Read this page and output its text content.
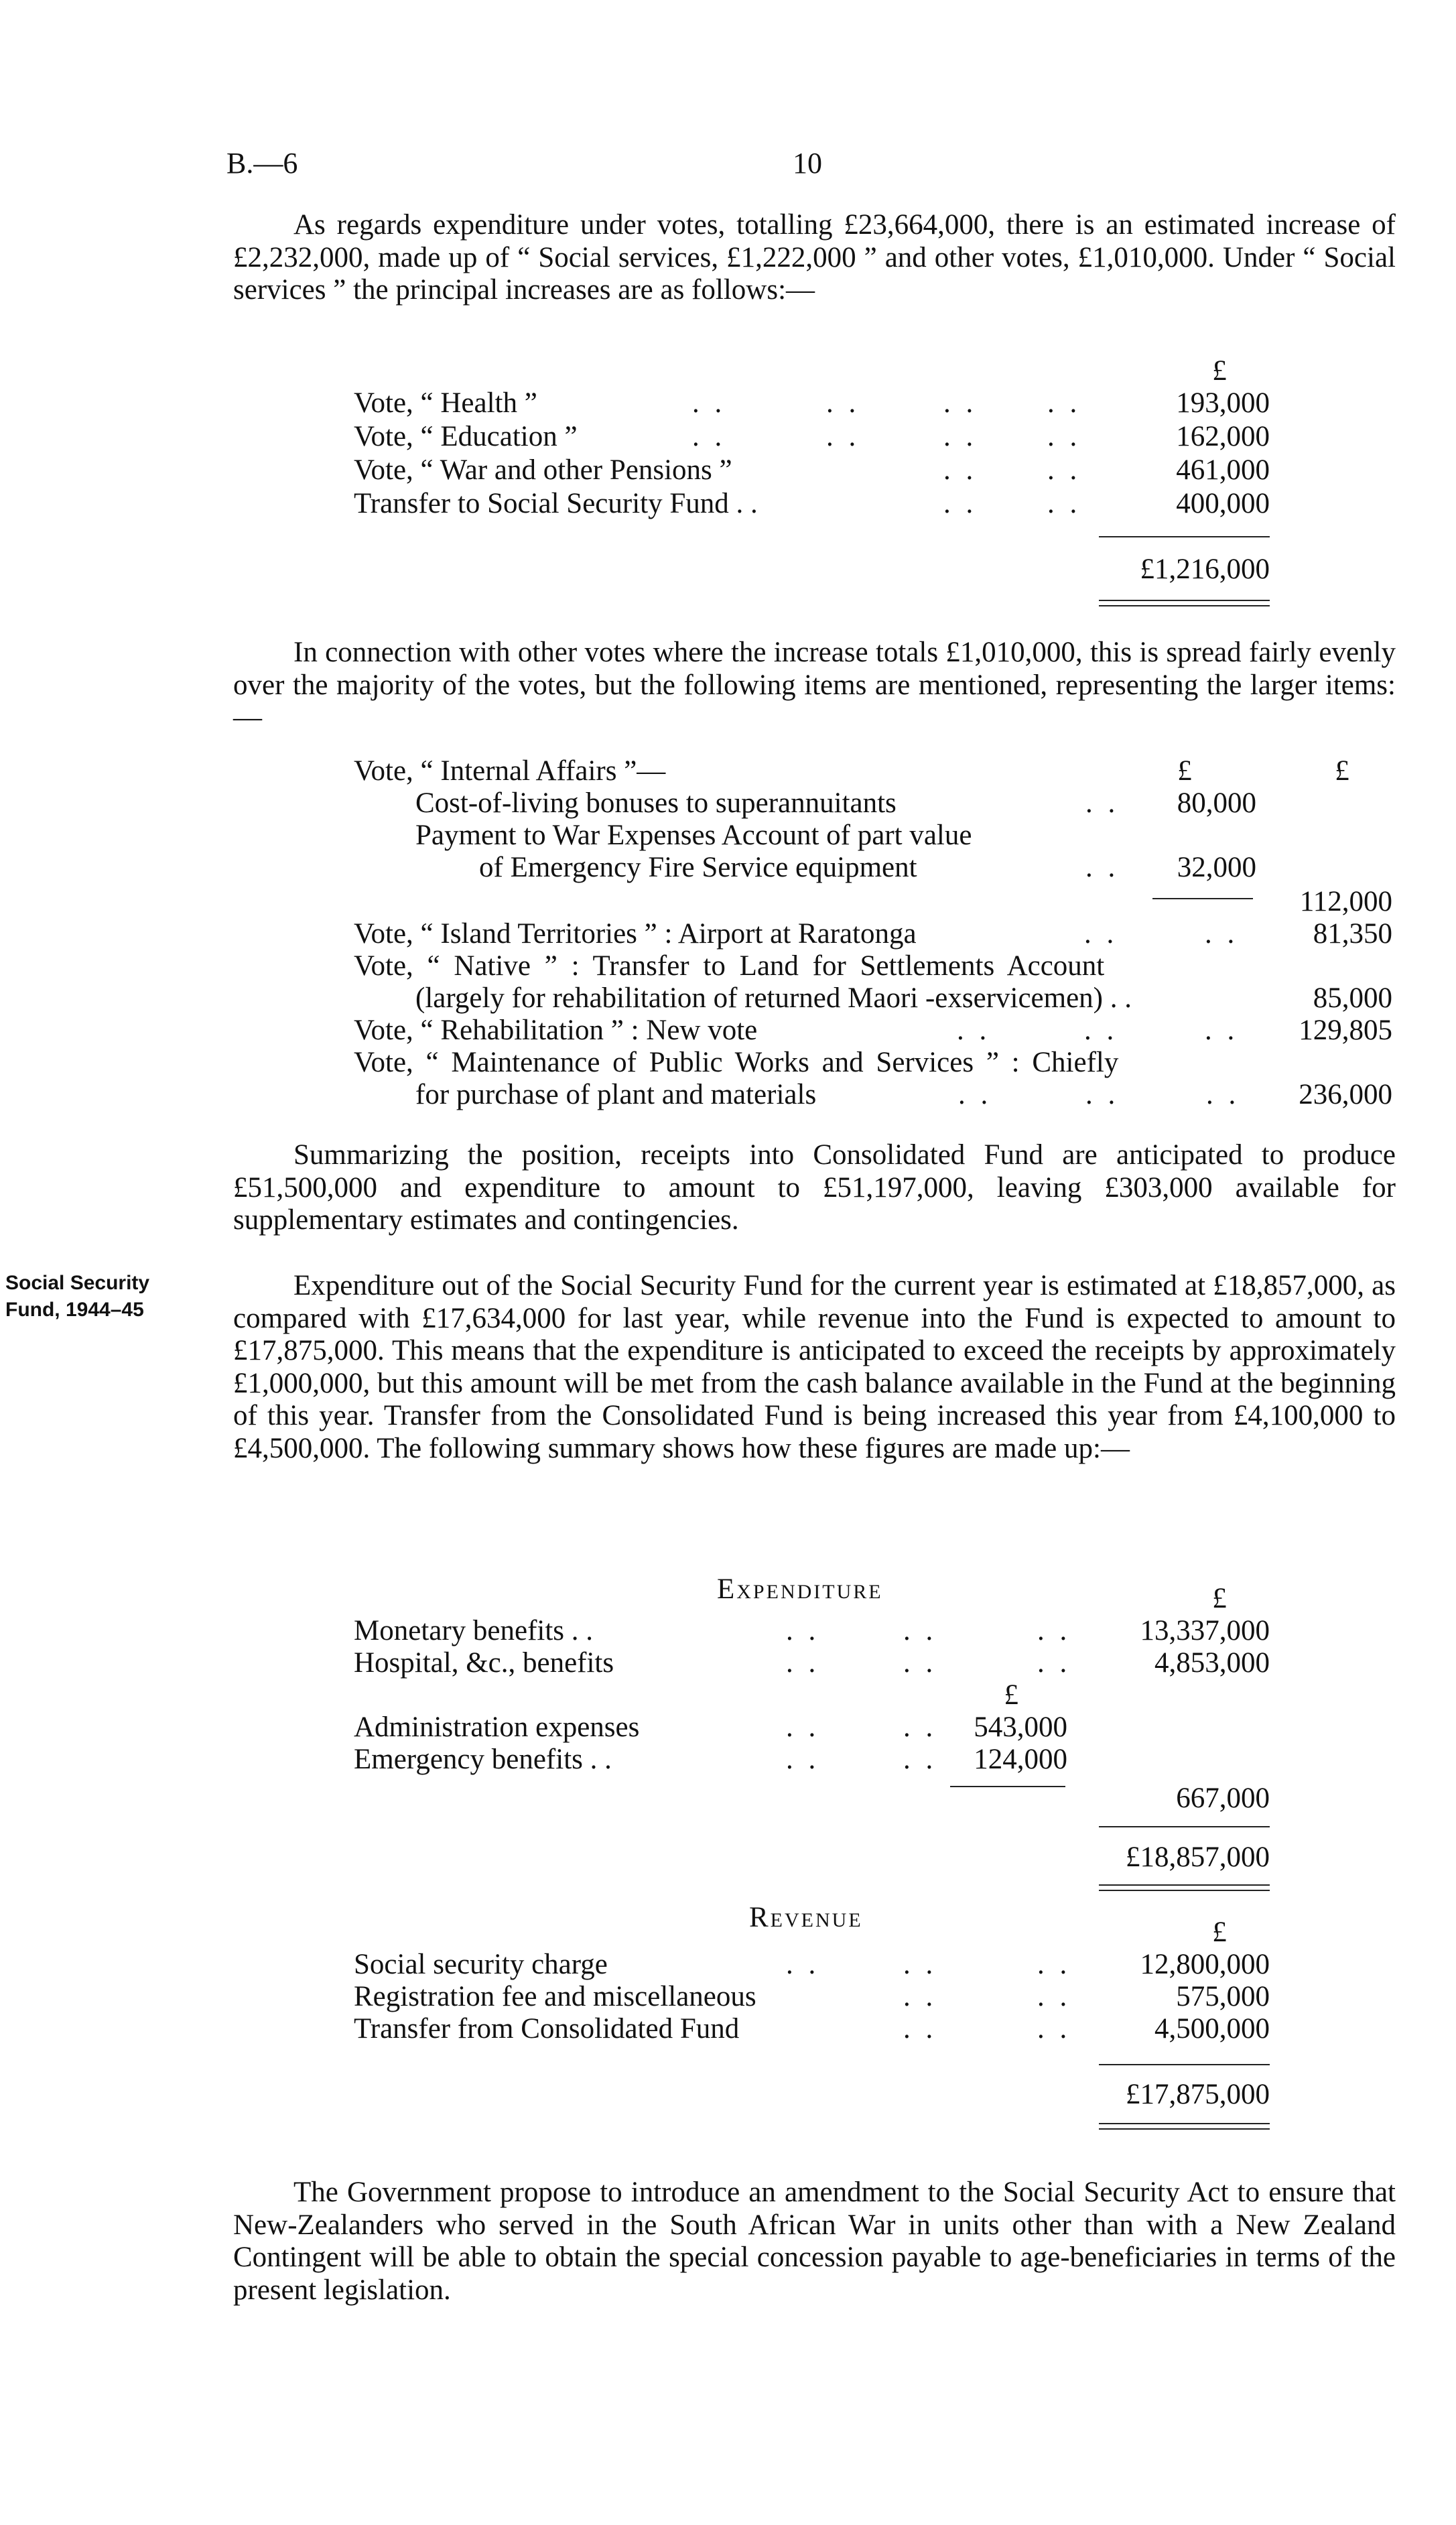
B.—6	10

As regards expenditure under votes, totalling £23,664,000, there is an estimated increase of £2,232,000, made up of “ Social services, £1,222,000 ” and other votes, £1,010,000. Under “ Social services ” the principal increases are as follows:—

£
Vote, “ Health ”	. .	. .	. . . .	193,000
Vote, “ Education ”	. .	. .	. . . .	162,000
Vote, “ War and other Pensions ”	. . . .	461,000
Transfer to Social Security Fund . .	. . . .	400,000
£1,216,000

In connection with other votes where the increase totals £1,010,000, this is spread fairly evenly over the majority of the votes, but the following items are mentioned, representing the larger items:—

Vote, “ Internal Affairs ”—	£	£
Cost-of-living bonuses to superannuitants	. . 80,000
Payment to War Expenses Account of part value
of Emergency Fire Service equipment	. . 32,000
112,000
Vote, “ Island Territories ” : Airport at Raratonga	. .	. .	81,350
Vote, “ Native ” : Transfer to Land for Settlements Account
(largely for rehabilitation of returned Maori -exservicemen) . .	85,000
Vote, “ Rehabilitation ” : New vote	. .	. .	. . 129,805
Vote, “ Maintenance of Public Works and Services ” : Chiefly
for purchase of plant and materials	. .	. .	. . 236,000

Summarizing the position, receipts into Consolidated Fund are anticipated to produce £51,500,000 and expenditure to amount to £51,197,000, leaving £303,000 available for supplementary estimates and contingencies.

Social Security
Fund, 1944–45

Expenditure out of the Social Security Fund for the current year is estimated at £18,857,000, as compared with £17,634,000 for last year, while revenue into the Fund is expected to amount to £17,875,000. This means that the expenditure is anticipated to exceed the receipts by approximately £1,000,000, but this amount will be met from the cash balance available in the Fund at the beginning of this year. Transfer from the Consolidated Fund is being increased this year from £4,100,000 to £4,500,000. The following summary shows how these figures are made up:—

Expenditure	£
Monetary benefits . .	. .	. .	. . 13,337,000
Hospital, &c., benefits	. .	. .	. .	4,853,000
£
Administration expenses	. .	. . 543,000
Emergency benefits . .	. .	. . 124,000
667,000
£18,857,000
Revenue	£
Social security charge	. .	. .	. . 12,800,000
Registration fee and miscellaneous	. .	. .	575,000
Transfer from Consolidated Fund	. .	. .	4,500,000
£17,875,000

The Government propose to introduce an amendment to the Social Security Act to ensure that New-Zealanders who served in the South African War in units other than with a New Zealand Contingent will be able to obtain the special concession payable to age-beneficiaries in terms of the present legislation.
